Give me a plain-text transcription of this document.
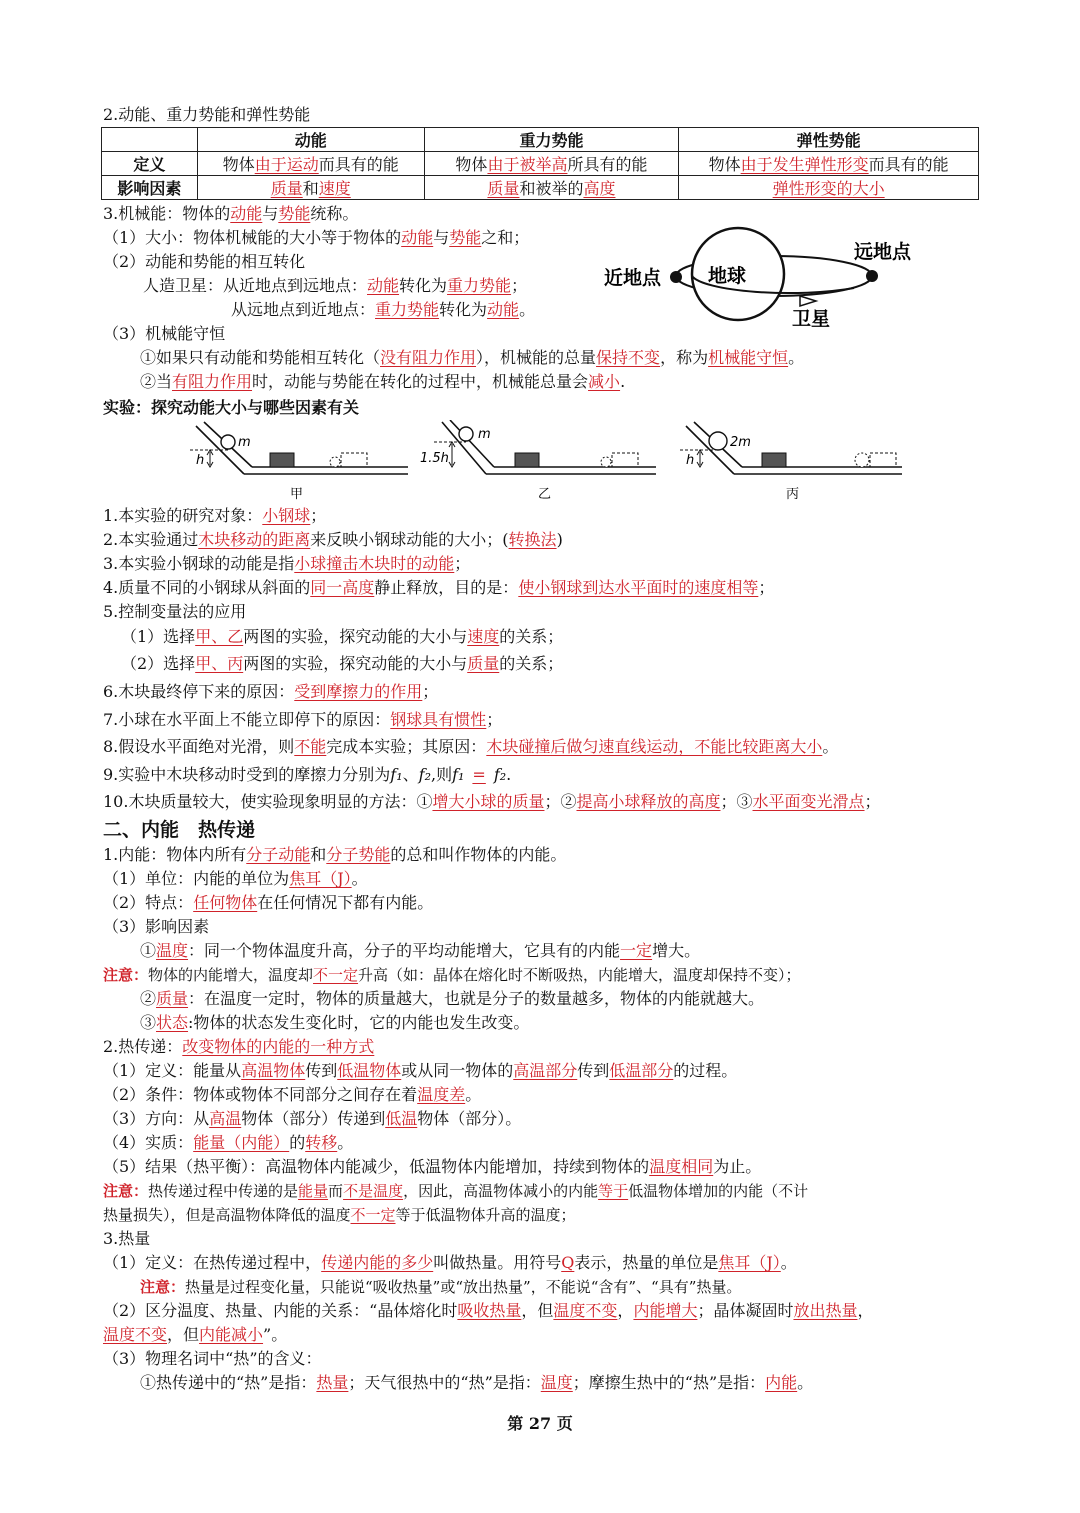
2.动能、重力势能和弹性势能
	动能	重力势能	弹性势能
定义	物体由于运动而具有的能	物体由于被举高所具有的能	物体由于发生弹性形变而具有的能
影响因素	质量和速度	质量和被举的高度	弹性形变的大小
3.机械能：物体的动能与势能统称。
（1）大小：物体机械能的大小等于物体的动能与势能之和；
（2）动能和势能的相互转化
人造卫星：从近地点到远地点：动能转化为重力势能；
从远地点到近地点：重力势能转化为动能。
（3）机械能守恒
①如果只有动能和势能相互转化（没有阻力作用），机械能的总量保持不变，称为机械能守恒。
②当有阻力作用时，动能与势能在转化的过程中，机械能总量会减小.
近地点
远地点
地球
卫星
实验：探究动能大小与哪些因素有关
m
h
甲
m
1.5h
乙
2m
h
丙
1.本实验的研究对象：小钢球；
2.本实验通过木块移动的距离来反映小钢球动能的大小；(转换法)
3.本实验小钢球的动能是指小球撞击木块时的动能；
4.质量不同的小钢球从斜面的同一高度静止释放，目的是：使小钢球到达水平面时的速度相等；
5.控制变量法的应用
（1）选择甲、乙两图的实验，探究动能的大小与速度的关系；
（2）选择甲、丙两图的实验，探究动能的大小与质量的关系；
6.木块最终停下来的原因：受到摩擦力的作用；
7.小球在水平面上不能立即停下的原因：钢球具有惯性；
8.假设水平面绝对光滑，则不能完成本实验；其原因：木块碰撞后做匀速直线运动，不能比较距离大小。
9.实验中木块移动时受到的摩擦力分别为f₁、f₂,则f₁ = f₂.
10.木块质量较大，使实验现象明显的方法：①增大小球的质量；②提高小球释放的高度；③水平面变光滑点；
二、内能　热传递
1.内能：物体内所有分子动能和分子势能的总和叫作物体的内能。
（1）单位：内能的单位为焦耳（J）。
（2）特点：任何物体在任何情况下都有内能。
（3）影响因素
①温度：同一个物体温度升高，分子的平均动能增大，它具有的内能一定增大。
注意：物体的内能增大，温度却不一定升高（如：晶体在熔化时不断吸热，内能增大，温度却保持不变）；
②质量：在温度一定时，物体的质量越大，也就是分子的数量越多，物体的内能就越大。
③状态:物体的状态发生变化时，它的内能也发生改变。
2.热传递：改变物体的内能的一种方式
（1）定义：能量从高温物体传到低温物体或从同一物体的高温部分传到低温部分的过程。
（2）条件：物体或物体不同部分之间存在着温度差。
（3）方向：从高温物体（部分）传递到低温物体（部分）。
（4）实质：能量（内能）的转移。
（5）结果（热平衡）：高温物体内能减少，低温物体内能增加，持续到物体的温度相同为止。
注意：热传递过程中传递的是能量而不是温度，因此，高温物体减小的内能等于低温物体增加的内能（不计
热量损失），但是高温物体降低的温度不一定等于低温物体升高的温度；
3.热量
（1）定义：在热传递过程中，传递内能的多少叫做热量。用符号Q表示，热量的单位是焦耳（J）。
注意：热量是过程变化量，只能说“吸收热量”或“放出热量”，不能说“含有”、“具有”热量。
（2）区分温度、热量、内能的关系：“晶体熔化时吸收热量，但温度不变，内能增大；晶体凝固时放出热量，
温度不变，但内能减小”。
（3）物理名词中“热”的含义：
①热传递中的“热”是指：热量；天气很热中的“热”是指：温度；摩擦生热中的“热”是指：内能。
第 27 页
